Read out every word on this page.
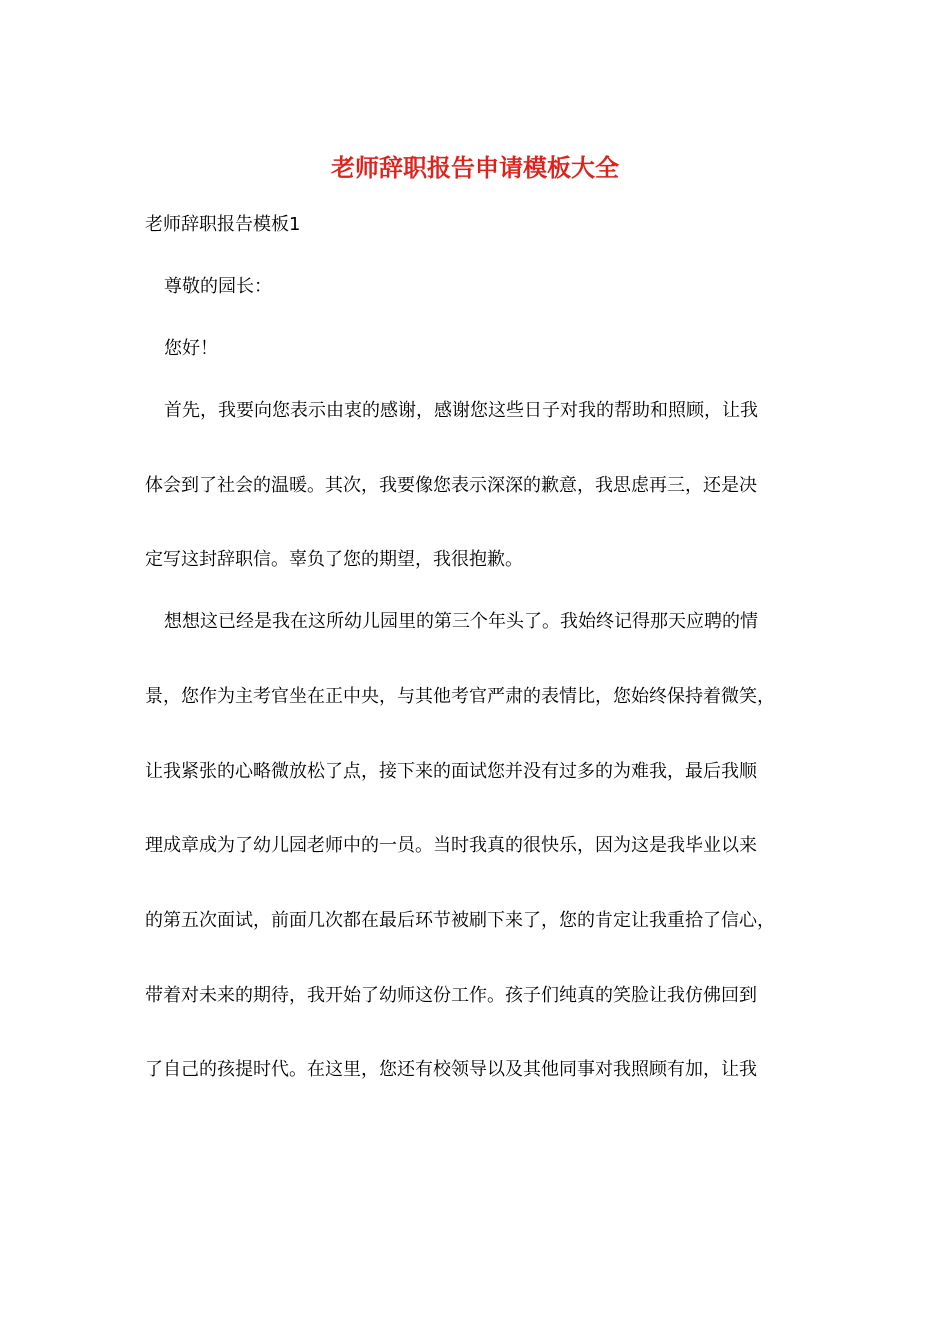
老师辞职报告申请模板大全

老师辞职报告模板1

尊敬的园长：

您好！

首先，我要向您表示由衷的感谢，感谢您这些日子对我的帮助和照顾，让我

体会到了社会的温暖。其次，我要像您表示深深的歉意，我思虑再三，还是决

定写这封辞职信。辜负了您的期望，我很抱歉。

想想这已经是我在这所幼儿园里的第三个年头了。我始终记得那天应聘的情

景，您作为主考官坐在正中央，与其他考官严肃的表情比，您始终保持着微笑，

让我紧张的心略微放松了点，接下来的面试您并没有过多的为难我，最后我顺

理成章成为了幼儿园老师中的一员。当时我真的很快乐，因为这是我毕业以来

的第五次面试，前面几次都在最后环节被刷下来了，您的肯定让我重拾了信心，

带着对未来的期待，我开始了幼师这份工作。孩子们纯真的笑脸让我仿佛回到

了自己的孩提时代。在这里，您还有校领导以及其他同事对我照顾有加，让我
